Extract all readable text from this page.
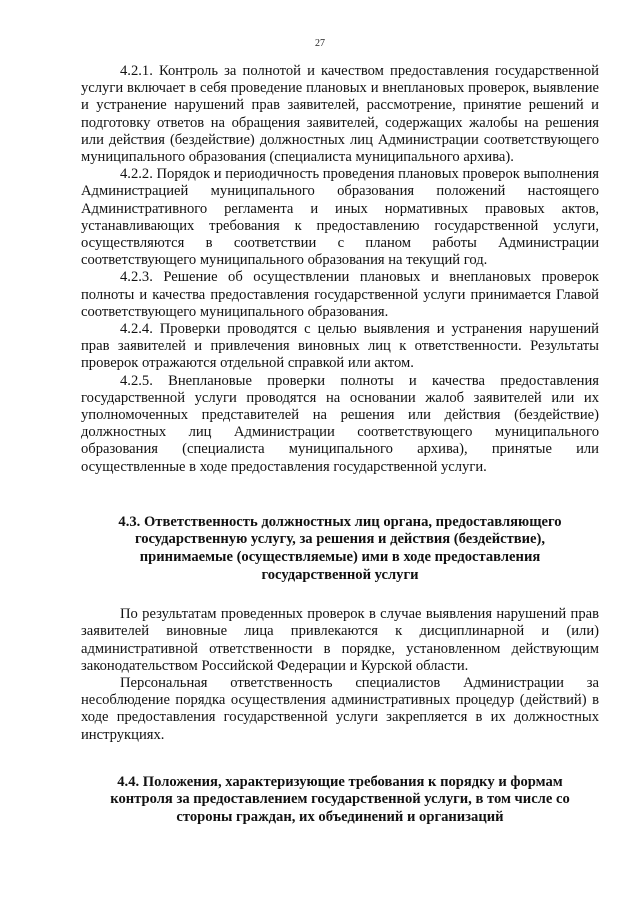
27

4.2.1. Контроль за полнотой и качеством предоставления государственной услуги включает в себя проведение плановых и внеплановых проверок, выявление и устранение нарушений прав заявителей, рассмотрение, принятие решений и подготовку ответов на обращения заявителей, содержащих жалобы на решения или действия (бездействие) должностных лиц Администрации соответствующего муниципального образования (специалиста муниципального архива).

4.2.2. Порядок и периодичность проведения плановых проверок выполнения Администрацией муниципального образования положений настоящего Административного регламента и иных нормативных правовых актов, устанавливающих требования к предоставлению государственной услуги, осуществляются в соответствии с планом работы Администрации соответствующего муниципального образования на текущий год.

4.2.3. Решение об осуществлении плановых и внеплановых проверок полноты и качества предоставления государственной услуги принимается Главой соответствующего муниципального образования.

4.2.4. Проверки проводятся с целью выявления и устранения нарушений прав заявителей и привлечения виновных лиц к ответственности. Результаты проверок отражаются отдельной справкой или актом.

4.2.5. Внеплановые проверки полноты и качества предоставления государственной услуги проводятся на основании жалоб заявителей или их уполномоченных представителей на решения или действия (бездействие) должностных лиц Администрации соответствующего муниципального образования (специалиста муниципального архива), принятые или осуществленные в ходе предоставления государственной услуги.

4.3. Ответственность должностных лиц органа, предоставляющего государственную услугу, за решения и действия (бездействие), принимаемые (осуществляемые) ими в ходе предоставления государственной услуги

По результатам проведенных проверок в случае выявления нарушений прав заявителей виновные лица привлекаются к дисциплинарной и (или) административной ответственности в порядке, установленном действующим законодательством Российской Федерации и Курской области.

Персональная ответственность специалистов Администрации за несоблюдение порядка осуществления административных процедур (действий) в ходе предоставления государственной услуги закрепляется в их должностных инструкциях.

4.4. Положения, характеризующие требования к порядку и формам контроля за предоставлением государственной услуги, в том числе со стороны граждан, их объединений и организаций
